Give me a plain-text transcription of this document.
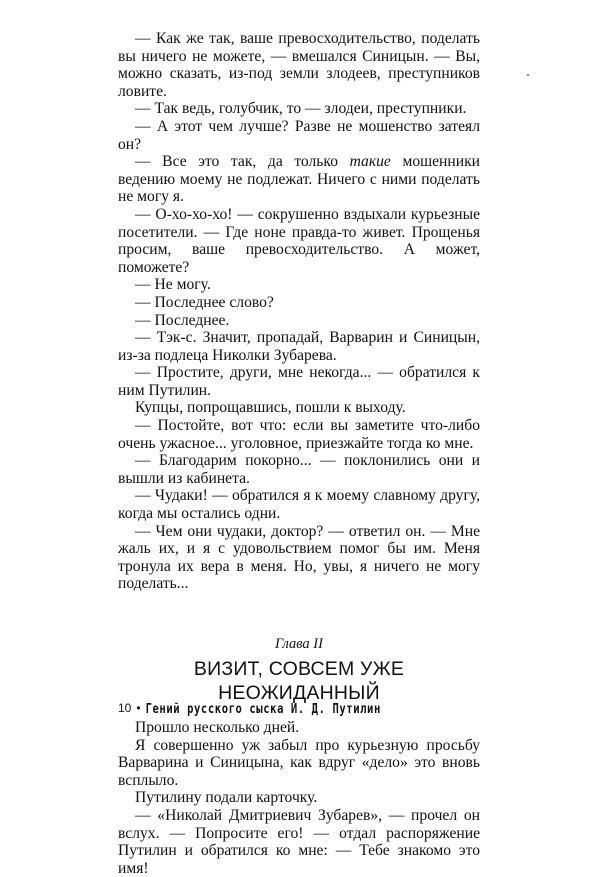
— Как же так, ваше превосходительство, поделать вы ничего не можете, — вмешался Синицын. — Вы, можно сказать, из-под земли злодеев, преступников ловите.

— Так ведь, голубчик, то — злодеи, преступники.

— А этот чем лучше? Разве не мошенство затеял он?

— Все это так, да только такие мошенники ведению моему не подлежат. Ничего с ними поделать не могу я.

— О-хо-хо-хо! — сокрушенно вздыхали курьезные посетители. — Где ноне правда-то живет. Прощенья просим, ваше превосходительство. А может, поможете?

— Не могу.

— Последнее слово?

— Последнее.

— Тэк-с. Значит, пропадай, Варварин и Синицын, из-за подлеца Николки Зубарева.

— Простите, други, мне некогда... — обратился к ним Путилин.

Купцы, попрощавшись, пошли к выходу.

— Постойте, вот что: если вы заметите что-либо очень ужасное... уголовное, приезжайте тогда ко мне.

— Благодарим покорно... — поклонились они и вышли из кабинета.

— Чудаки! — обратился я к моему славному другу, когда мы остались одни.

— Чем они чудаки, доктор? — ответил он. — Мне жаль их, и я с удовольствием помог бы им. Меня тронула их вера в меня. Но, увы, я ничего не могу поделать...

Глава II
ВИЗИТ, СОВСЕМ УЖЕ НЕОЖИДАННЫЙ

Прошло несколько дней.

Я совершенно уж забыл про курьезную просьбу Варварина и Синицына, как вдруг «дело» это вновь всплыло.

Путилину подали карточку.

— «Николай Дмитриевич Зубарев», — прочел он вслух. — Попросите его! — отдал распоряжение Путилин и обратился ко мне: — Тебе знакомо это имя!

10 • Гений русского сыска И. Д. Путилин
